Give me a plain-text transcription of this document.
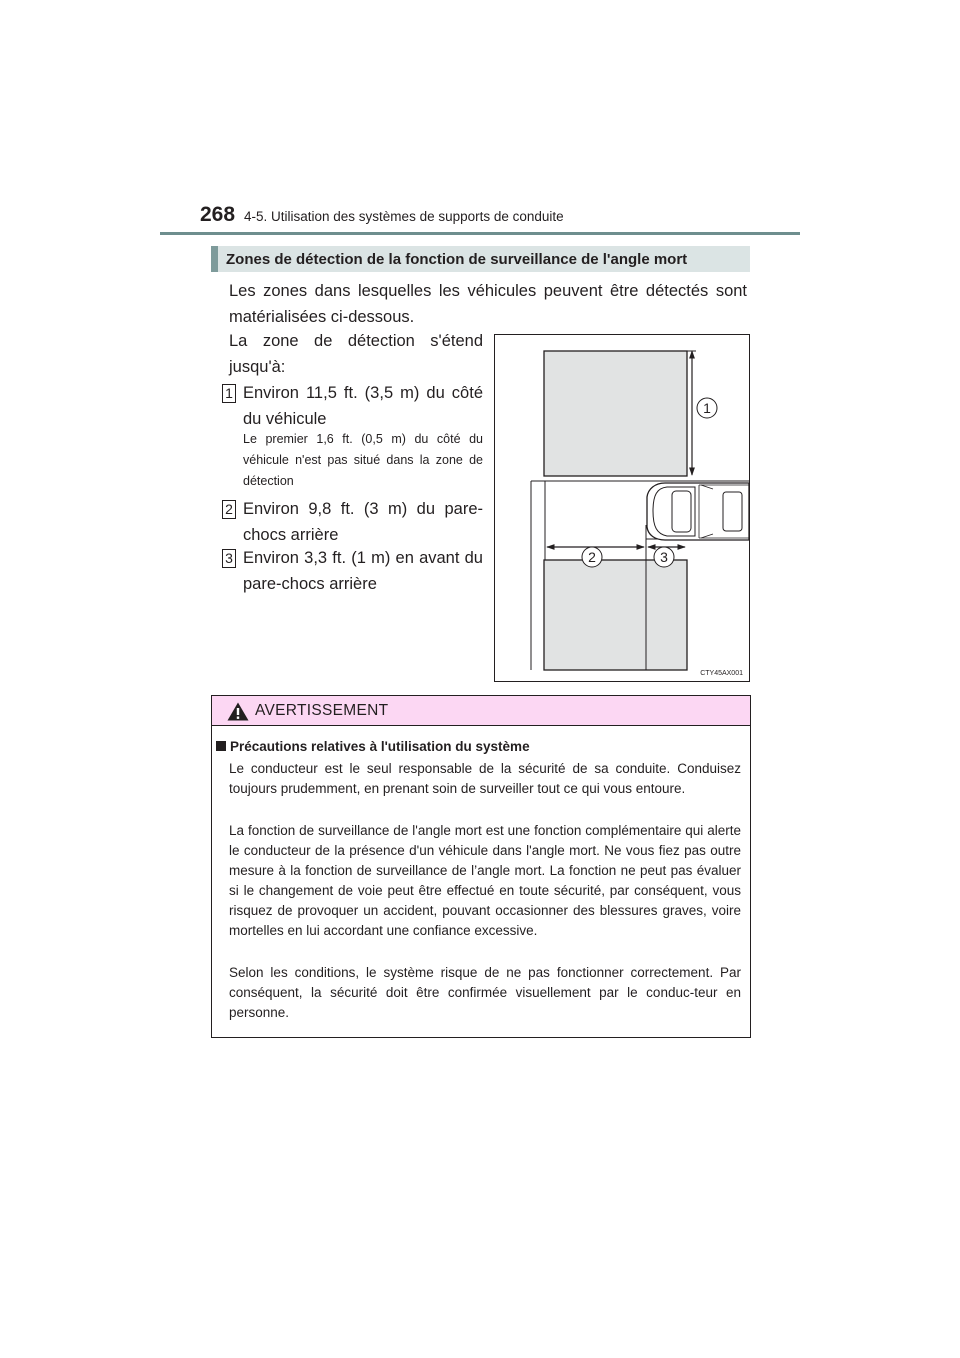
268 4-5. Utilisation des systèmes de supports de conduite
Zones de détection de la fonction de surveillance de l'angle mort
Les zones dans lesquelles les véhicules peuvent être détectés sont matérialisées ci-dessous.
La zone de détection s'étend jusqu'à:
1 Environ 11,5 ft. (3,5 m) du côté du véhicule
Le premier 1,6 ft. (0,5 m) du côté du véhicule n'est pas situé dans la zone de détection
2 Environ 9,8 ft. (3 m) du pare-chocs arrière
3 Environ 3,3 ft. (1 m) en avant du pare-chocs arrière
1
2	3
CTY45AX001
AVERTISSEMENT
Précautions relatives à l'utilisation du système

Le conducteur est le seul responsable de la sécurité de sa conduite. Conduisez toujours prudemment, en prenant soin de surveiller tout ce qui vous entoure.

La fonction de surveillance de l'angle mort est une fonction complémentaire qui alerte le conducteur de la présence d'un véhicule dans l'angle mort. Ne vous fiez pas outre mesure à la fonction de surveillance de l’angle mort. La fonction ne peut pas évaluer si le changement de voie peut être effectué en toute sécurité, par conséquent, vous risquez de provoquer un accident, pouvant occasionner des blessures graves, voire mortelles en lui accordant une confiance excessive.

Selon les conditions, le système risque de ne pas fonctionner correctement. Par conséquent, la sécurité doit être confirmée visuellement par le conduc-teur en personne.
